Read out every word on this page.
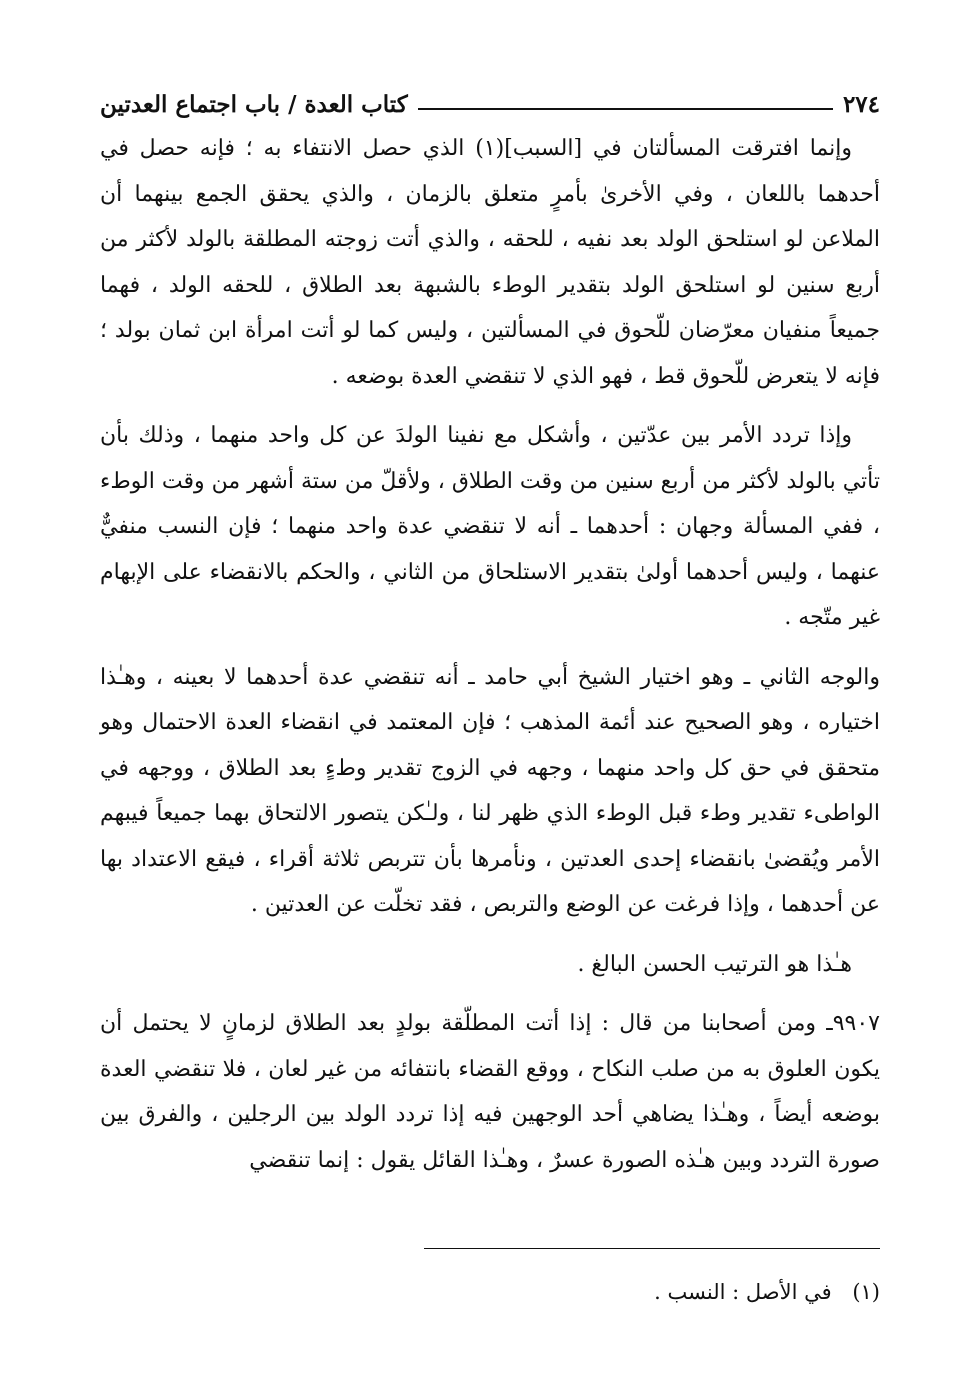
٢٧٤
كتاب العدة / باب اجتماع العدتين

وإنما افترقت المسألتان في [السبب](١) الذي حصل الانتفاء به ؛ فإنه حصل في أحدهما باللعان ، وفي الأخرىٰ بأمرٍ متعلق بالزمان ، والذي يحقق الجمع بينهما أن الملاعن لو استلحق الولد بعد نفيه ، للحقه ، والذي أتت زوجته المطلقة بالولد لأكثر من أربع سنين لو استلحق الولد بتقدير الوطء بالشبهة بعد الطلاق ، للحقه الولد ، فهما جميعاً منفيان معرّضان للّحوق في المسألتين ، وليس كما لو أتت امرأة ابن ثمان بولد ؛ فإنه لا يتعرض للّحوق قط ، فهو الذي لا تنقضي العدة بوضعه .

وإذا تردد الأمر بين عدّتين ، وأشكل مع نفينا الولدَ عن كل واحد منهما ، وذلك بأن تأتي بالولد لأكثر من أربع سنين من وقت الطلاق ، ولأقلّ من ستة أشهر من وقت الوطء ، ففي المسألة وجهان : أحدهما ـ أنه لا تنقضي عدة واحد منهما ؛ فإن النسب منفيٌّ عنهما ، وليس أحدهما أولىٰ بتقدير الاستلحاق من الثاني ، والحكم بالانقضاء على الإبهام غير متّجه .

والوجه الثاني ـ وهو اختيار الشيخ أبي حامد ـ أنه تنقضي عدة أحدهما لا بعينه ، وهـٰذا اختياره ، وهو الصحيح عند أئمة المذهب ؛ فإن المعتمد في انقضاء العدة الاحتمال وهو متحقق في حق كل واحد منهما ، وجهه في الزوج تقدير وطءٍ بعد الطلاق ، ووجهه في الواطىء تقدير وطء قبل الوطء الذي ظهر لنا ، ولـٰكن يتصور الالتحاق بهما جميعاً فيبهم الأمر ويُقضىٰ بانقضاء إحدى العدتين ، ونأمرها بأن تتربص ثلاثة أقراء ، فيقع الاعتداد بها عن أحدهما ، وإذا فرغت عن الوضع والتربص ، فقد تخلّت عن العدتين .

هـٰذا هو الترتيب الحسن البالغ .

٩٩٠٧ـ ومن أصحابنا من قال : إذا أتت المطلّقة بولدٍ بعد الطلاق لزمانٍ لا يحتمل أن يكون العلوق به من صلب النكاح ، ووقع القضاء بانتفائه من غير لعان ، فلا تنقضي العدة بوضعه أيضاً ، وهـٰذا يضاهي أحد الوجهين فيه إذا تردد الولد بين الرجلين ، والفرق بين صورة التردد وبين هـٰذه الصورة عسرٌ ، وهـٰذا القائل يقول : إنما تنقضي

(١) في الأصل : النسب .
